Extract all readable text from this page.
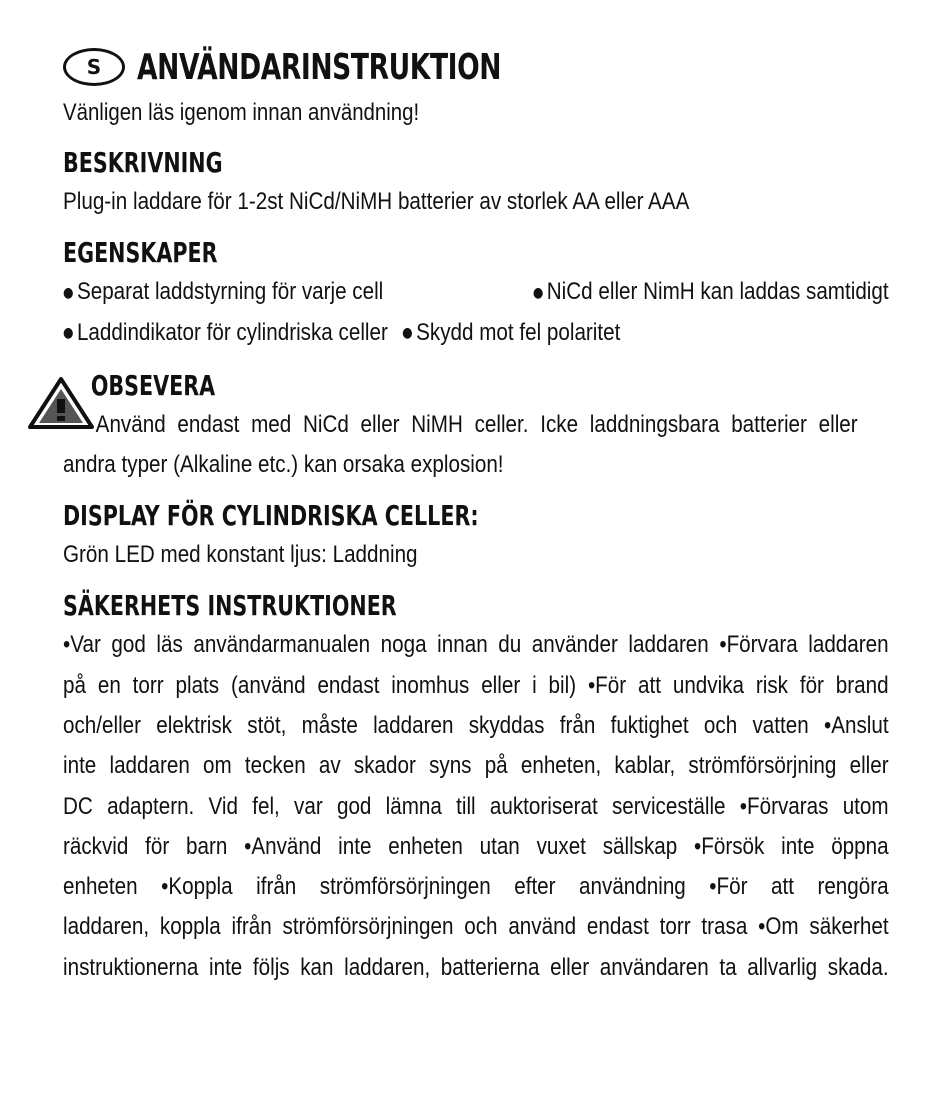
S ANVÄNDARINSTRUKTION
Vänligen läs igenom innan användning!
BESKRIVNING
Plug-in laddare för 1-2st NiCd/NiMH batterier av storlek AA eller AAA
EGENSKAPER
● Separat laddstyrning för varje cell	● NiCd eller NimH kan laddas samtidigt
● Laddindikator för cylindriska celler ● Skydd mot fel polaritet
OBSEVERA
Använd endast med NiCd eller NiMH celler. Icke laddningsbara batterier eller
andra typer (Alkaline etc.) kan orsaka explosion!
DISPLAY FÖR CYLINDRISKA CELLER:
Grön LED med konstant ljus: Laddning
SÄKERHETS INSTRUKTIONER
•Var god läs användarmanualen noga innan du använder laddaren •Förvara laddaren
på en torr plats (använd endast inomhus eller i bil) •För att undvika risk för brand
och/eller elektrisk stöt, måste laddaren skyddas från fuktighet och vatten •Anslut
inte laddaren om tecken av skador syns på enheten, kablar, strömförsörjning eller
DC adaptern. Vid fel, var god lämna till auktoriserat serviceställe •Förvaras utom
räckvid för barn •Använd inte enheten utan vuxet sällskap •Försök inte öppna
enheten •Koppla ifrån strömförsörjningen efter användning •För att rengöra
laddaren, koppla ifrån strömförsörjningen och använd endast torr trasa •Om säkerhet
instruktionerna inte följs kan laddaren, batterierna eller användaren ta allvarlig skada.
